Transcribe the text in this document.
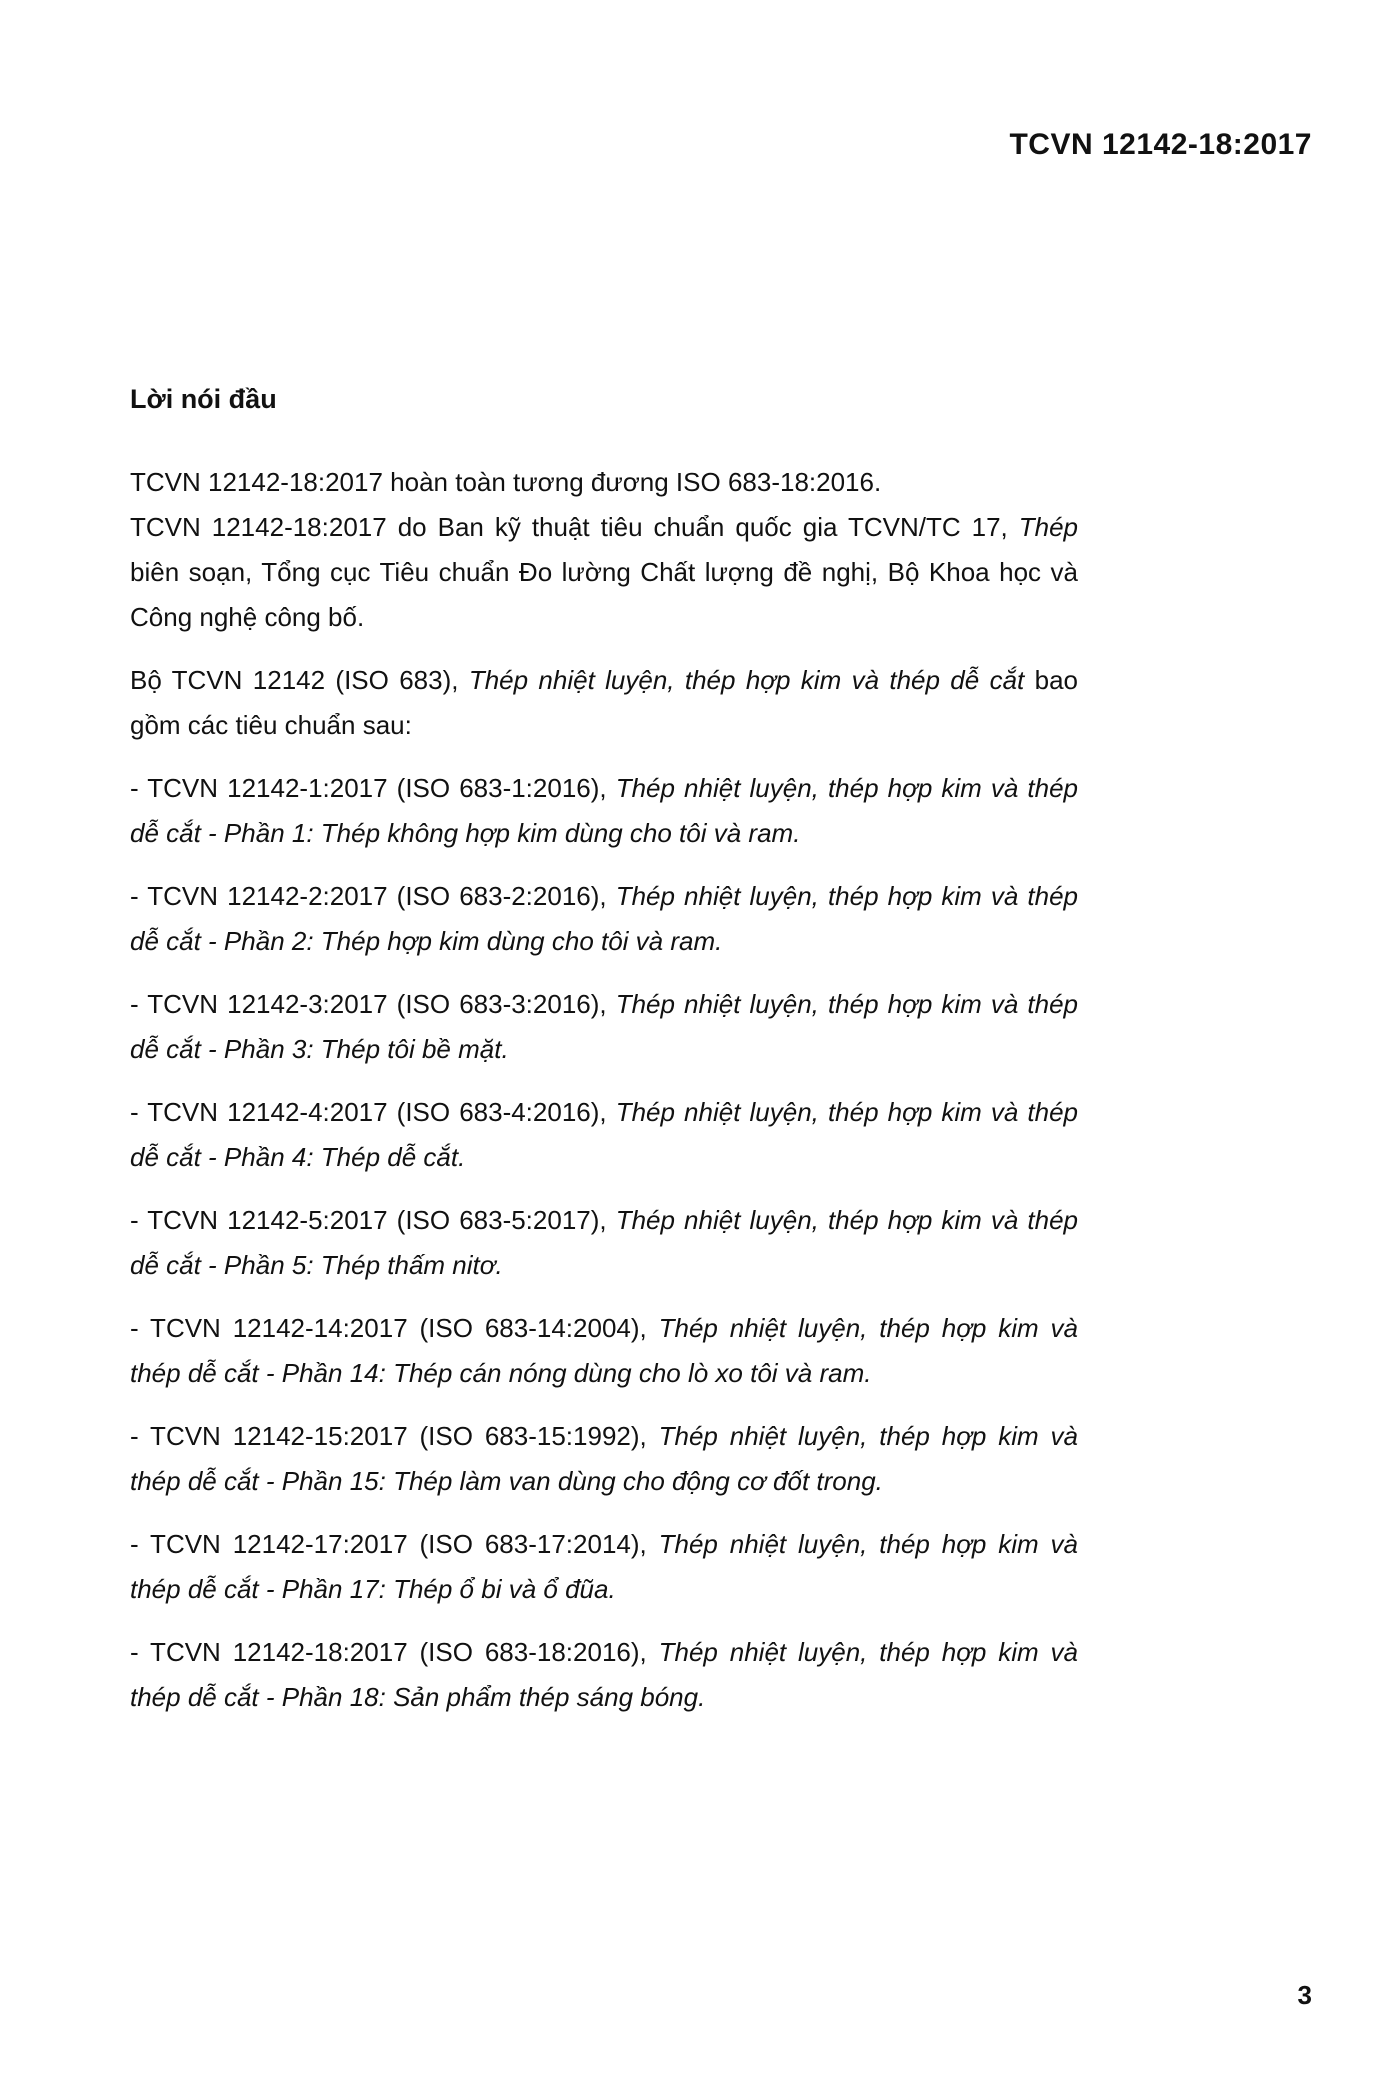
TCVN 12142-18:2017
Lời nói đầu

TCVN 12142-18:2017 hoàn toàn tương đương ISO 683-18:2016.

TCVN 12142-18:2017 do Ban kỹ thuật tiêu chuẩn quốc gia TCVN/TC 17, Thép biên soạn, Tổng cục Tiêu chuẩn Đo lường Chất lượng đề nghị, Bộ Khoa học và Công nghệ công bố.

Bộ TCVN 12142 (ISO 683), Thép nhiệt luyện, thép hợp kim và thép dễ cắt bao gồm các tiêu chuẩn sau:

- TCVN 12142-1:2017 (ISO 683-1:2016), Thép nhiệt luyện, thép hợp kim và thép dễ cắt - Phần 1: Thép không hợp kim dùng cho tôi và ram.

- TCVN 12142-2:2017 (ISO 683-2:2016), Thép nhiệt luyện, thép hợp kim và thép dễ cắt - Phần 2: Thép hợp kim dùng cho tôi và ram.

- TCVN 12142-3:2017 (ISO 683-3:2016), Thép nhiệt luyện, thép hợp kim và thép dễ cắt - Phần 3: Thép tôi bề mặt.

- TCVN 12142-4:2017 (ISO 683-4:2016), Thép nhiệt luyện, thép hợp kim và thép dễ cắt - Phần 4: Thép dễ cắt.

- TCVN 12142-5:2017 (ISO 683-5:2017), Thép nhiệt luyện, thép hợp kim và thép dễ cắt - Phần 5: Thép thấm nitơ.

- TCVN 12142-14:2017 (ISO 683-14:2004), Thép nhiệt luyện, thép hợp kim và thép dễ cắt - Phần 14: Thép cán nóng dùng cho lò xo tôi và ram.

- TCVN 12142-15:2017 (ISO 683-15:1992), Thép nhiệt luyện, thép hợp kim và thép dễ cắt - Phần 15: Thép làm van dùng cho động cơ đốt trong.

- TCVN 12142-17:2017 (ISO 683-17:2014), Thép nhiệt luyện, thép hợp kim và thép dễ cắt - Phần 17: Thép ổ bi và ổ đũa.

- TCVN 12142-18:2017 (ISO 683-18:2016), Thép nhiệt luyện, thép hợp kim và thép dễ cắt - Phần 18: Sản phẩm thép sáng bóng.

3
